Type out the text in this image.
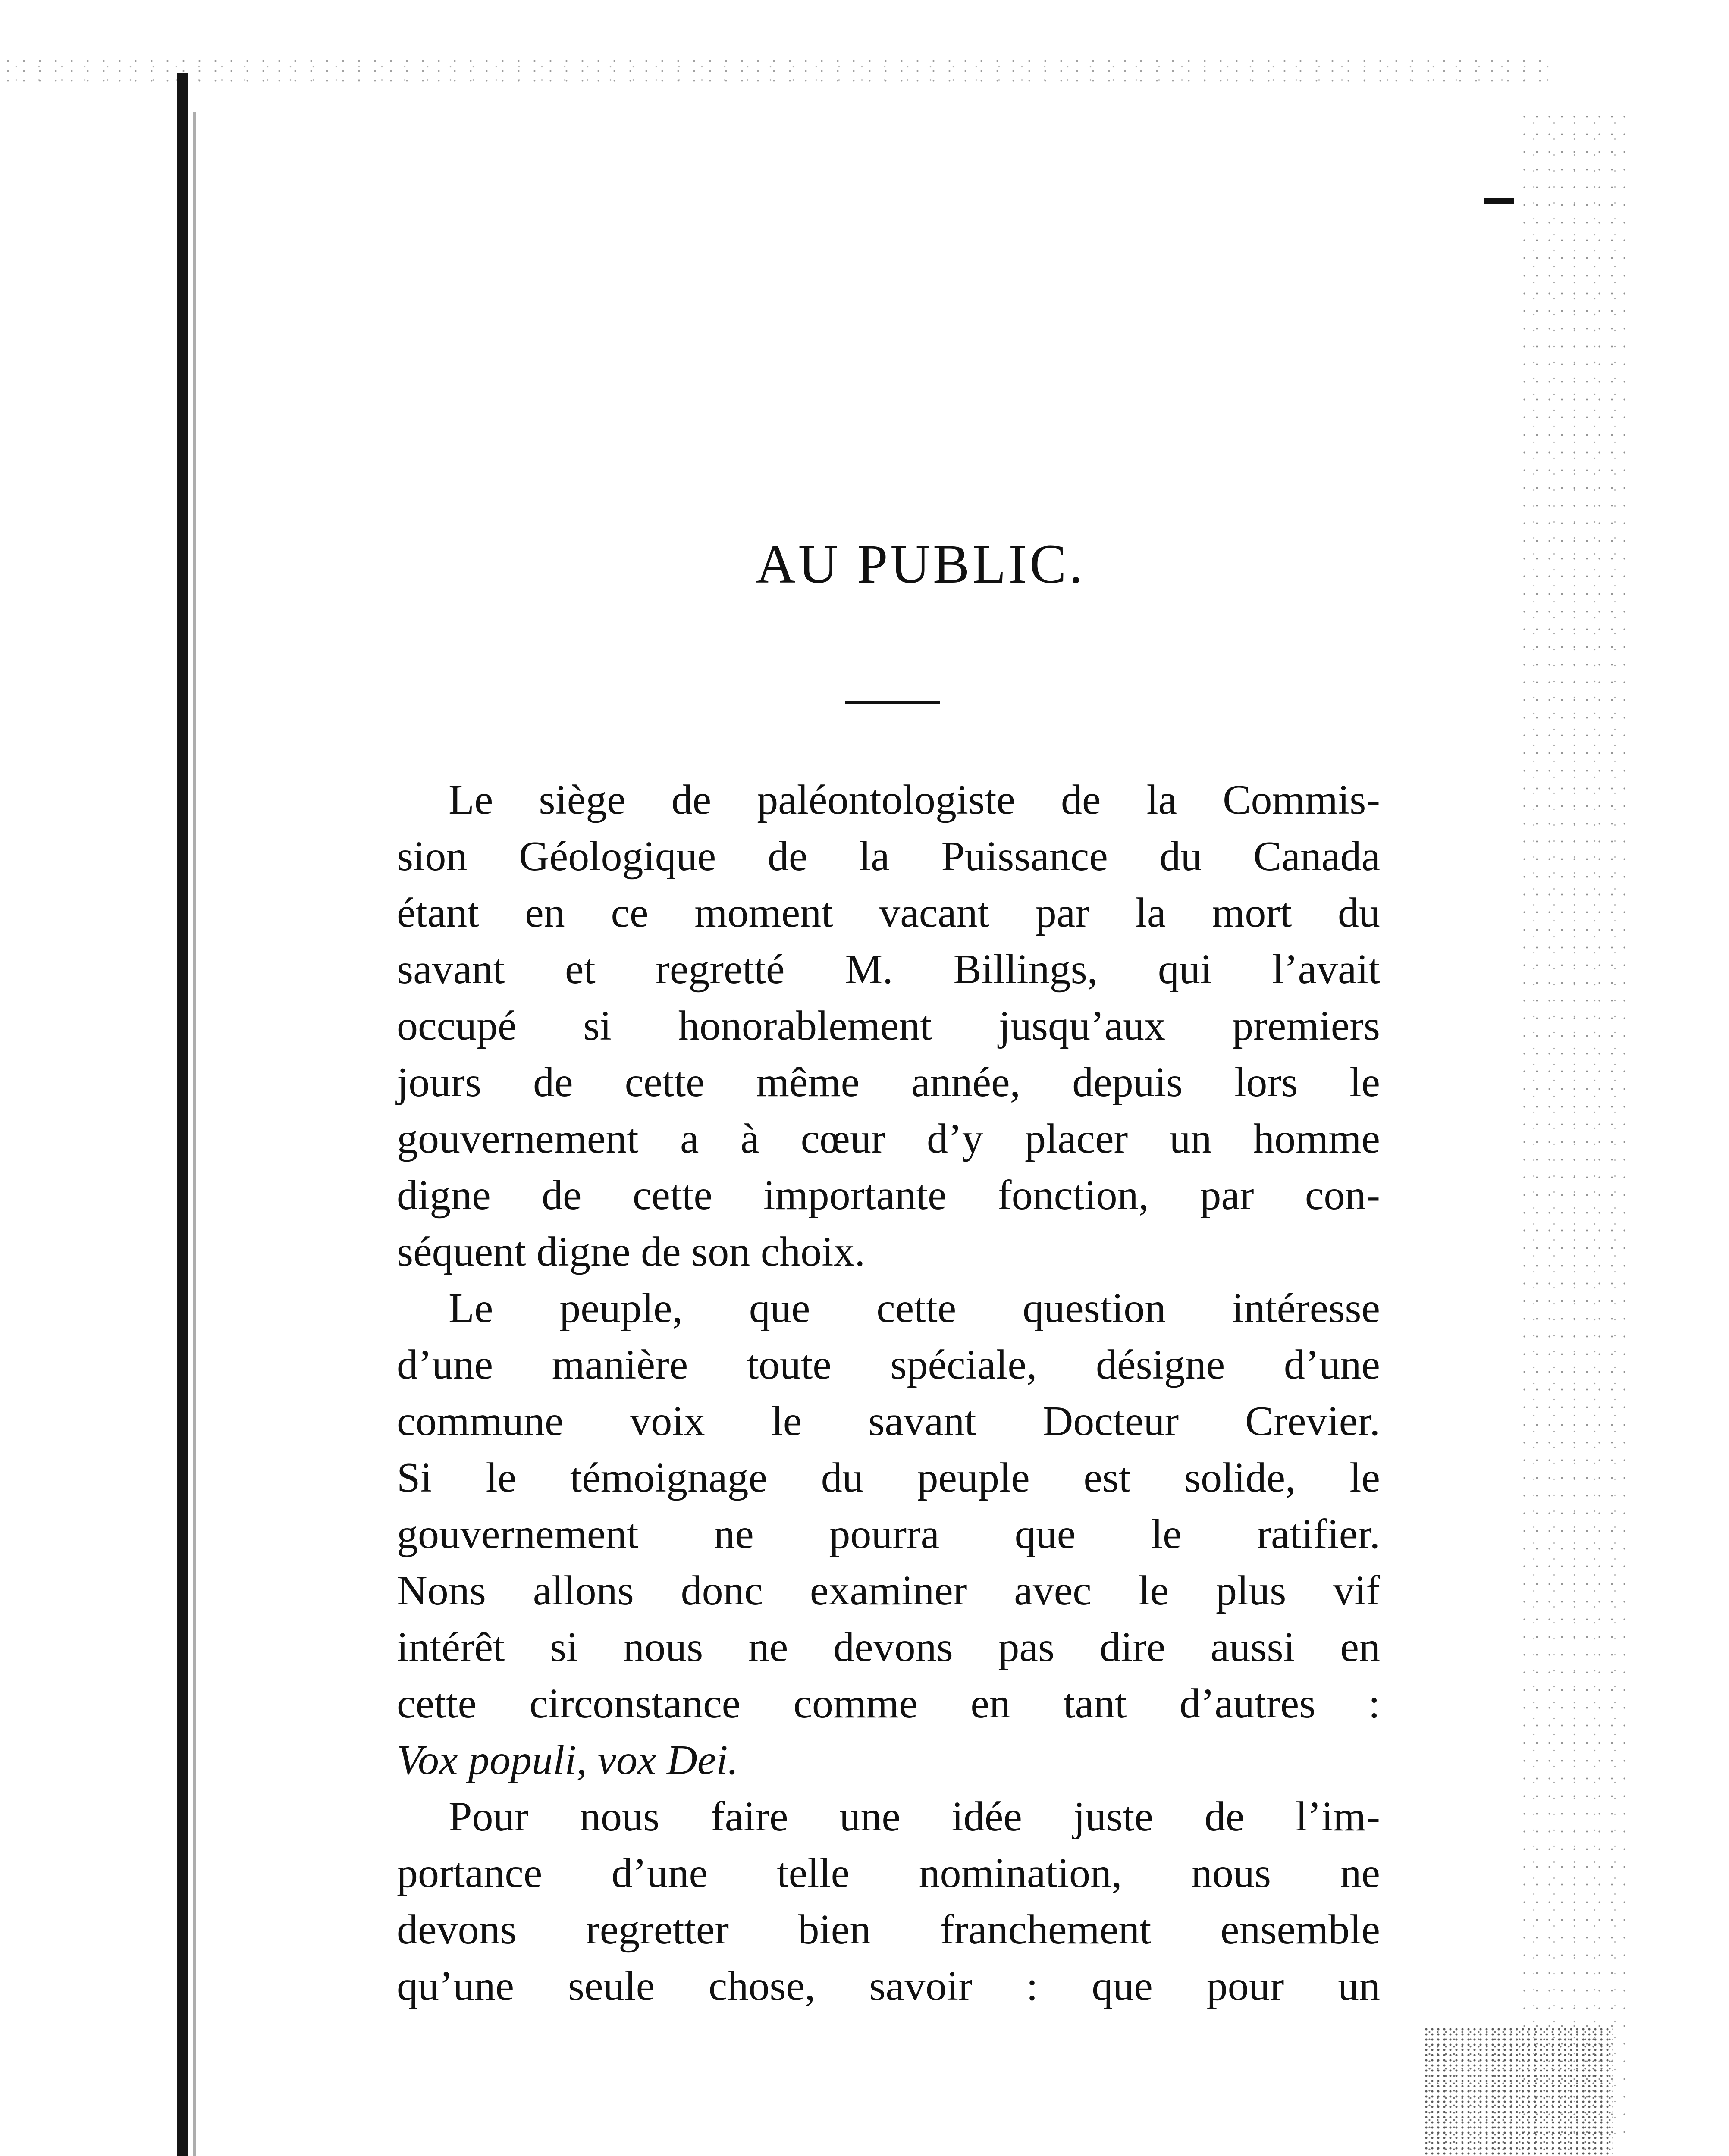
AU PUBLIC.
Le siège de paléontologiste de la Commis-
sion Géologique de la Puissance du Canada
étant en ce moment vacant par la mort du
savant et regretté M. Billings, qui l’avait
occupé si honorablement jusqu’aux premiers
jours de cette même année, depuis lors le
gouvernement a à cœur d’y placer un homme
digne de cette importante fonction, par con-
séquent digne de son choix.
Le peuple, que cette question intéresse
d’une manière toute spéciale, désigne d’une
commune voix le savant Docteur Crevier.
Si le témoignage du peuple est solide, le
gouvernement ne pourra que le ratifier.
Nons allons donc examiner avec le plus vif
intérêt si nous ne devons pas dire aussi en
cette circonstance comme en tant d’autres :
Vox populi, vox Dei.
Pour nous faire une idée juste de l’im-
portance d’une telle nomination, nous ne
devons regretter bien franchement ensemble
qu’une seule chose, savoir : que pour un
